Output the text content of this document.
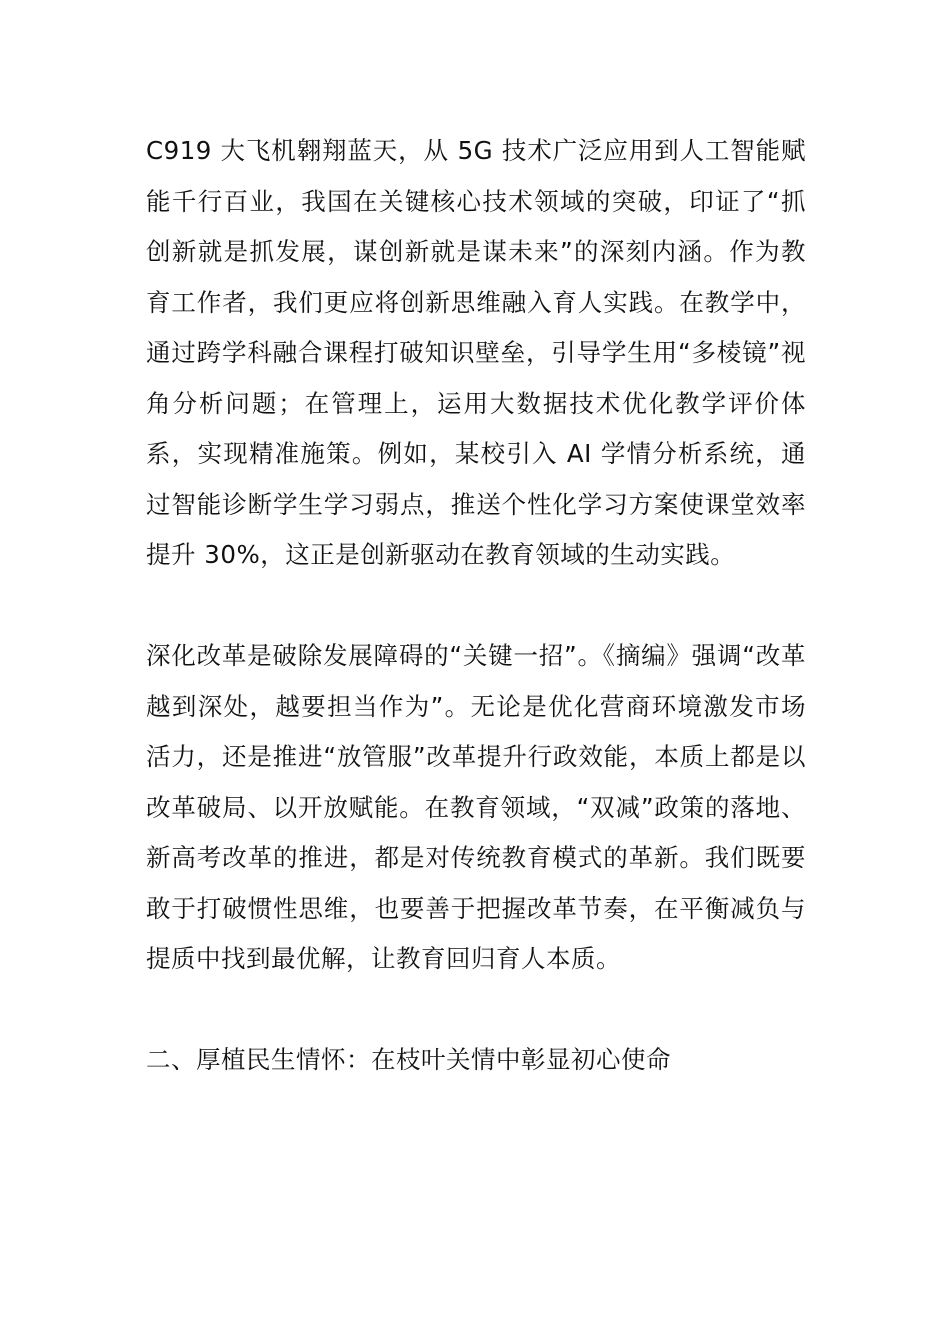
C919 大飞机翱翔蓝天，从 5G 技术广泛应用到人工智能赋能千行百业，我国在关键核心技术领域的突破，印证了“抓创新就是抓发展，谋创新就是谋未来”的深刻内涵。作为教育工作者，我们更应将创新思维融入育人实践。在教学中，通过跨学科融合课程打破知识壁垒，引导学生用“多棱镜”视角分析问题；在管理上，运用大数据技术优化教学评价体系，实现精准施策。例如，某校引入 AI 学情分析系统，通过智能诊断学生学习弱点，推送个性化学习方案使课堂效率提升 30%，这正是创新驱动在教育领域的生动实践。

深化改革是破除发展障碍的“关键一招”。《摘编》强调“改革越到深处，越要担当作为”。无论是优化营商环境激发市场活力，还是推进“放管服”改革提升行政效能，本质上都是以改革破局、以开放赋能。在教育领域，“双减”政策的落地、新高考改革的推进，都是对传统教育模式的革新。我们既要敢于打破惯性思维，也要善于把握改革节奏，在平衡减负与提质中找到最优解，让教育回归育人本质。

二、厚植民生情怀：在枝叶关情中彰显初心使命
